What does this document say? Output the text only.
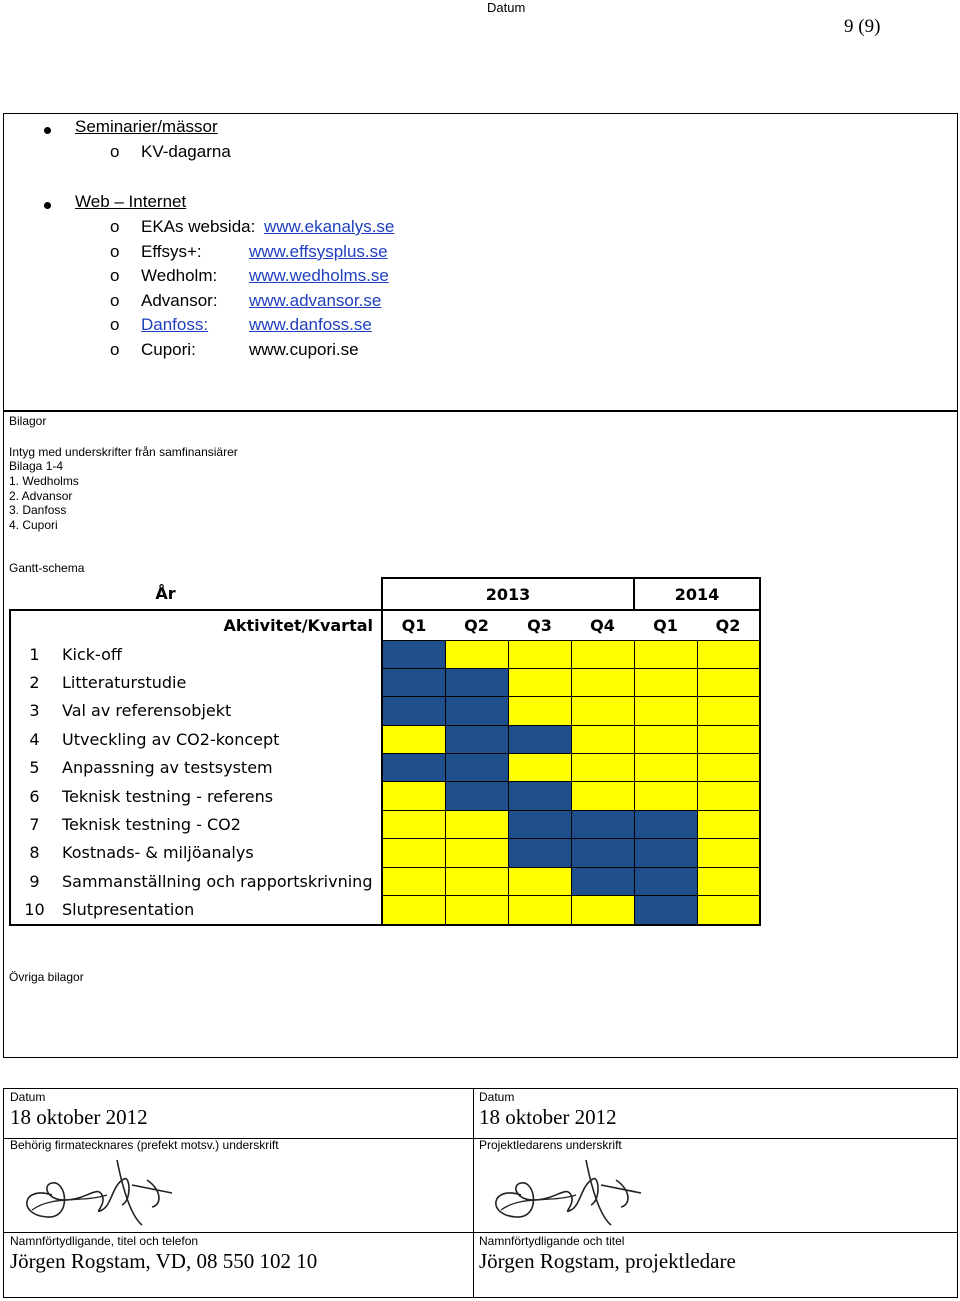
Datum
9 (9)
Seminarier/mässor
o KV-dagarna
Web – Internet
o EKAs websida: www.ekanalys.se
o Effsys+:	www.effsysplus.se
o Wedholm: www.wedholms.se
o Advansor: www.advansor.se
o Danfoss: www.danfoss.se
o Cupori:	www.cupori.se
Bilagor
Intyg med underskrifter från samfinansiärer
Bilaga 1-4
1. Wedholms
2. Advansor
3. Danfoss
4. Cupori
Gantt-schema
Övriga bilagor
År		2013				2014	
Aktivitet/Kvartal		Q1	Q2	Q3	Q4	Q1	Q2
1	Kick-off						
2	Litteraturstudie						
3	Val av referensobjekt						
4	Utveckling av CO2-koncept						
5	Anpassning av testsystem						
6	Teknisk testning - referens						
7	Teknisk testning - CO2						
8	Kostnads- & miljöanalys						
9	Sammanställning och rapportskrivning						
10	Slutpresentation						
Datum
18 oktober 2012
Behörig firmatecknares (prefekt motsv.) underskrift
Namnförtydligande, titel och telefon
Jörgen Rogstam, VD, 08 550 102 10
Datum
18 oktober 2012
Projektledarens underskrift
Namnförtydligande och titel
Jörgen Rogstam, projektledare
